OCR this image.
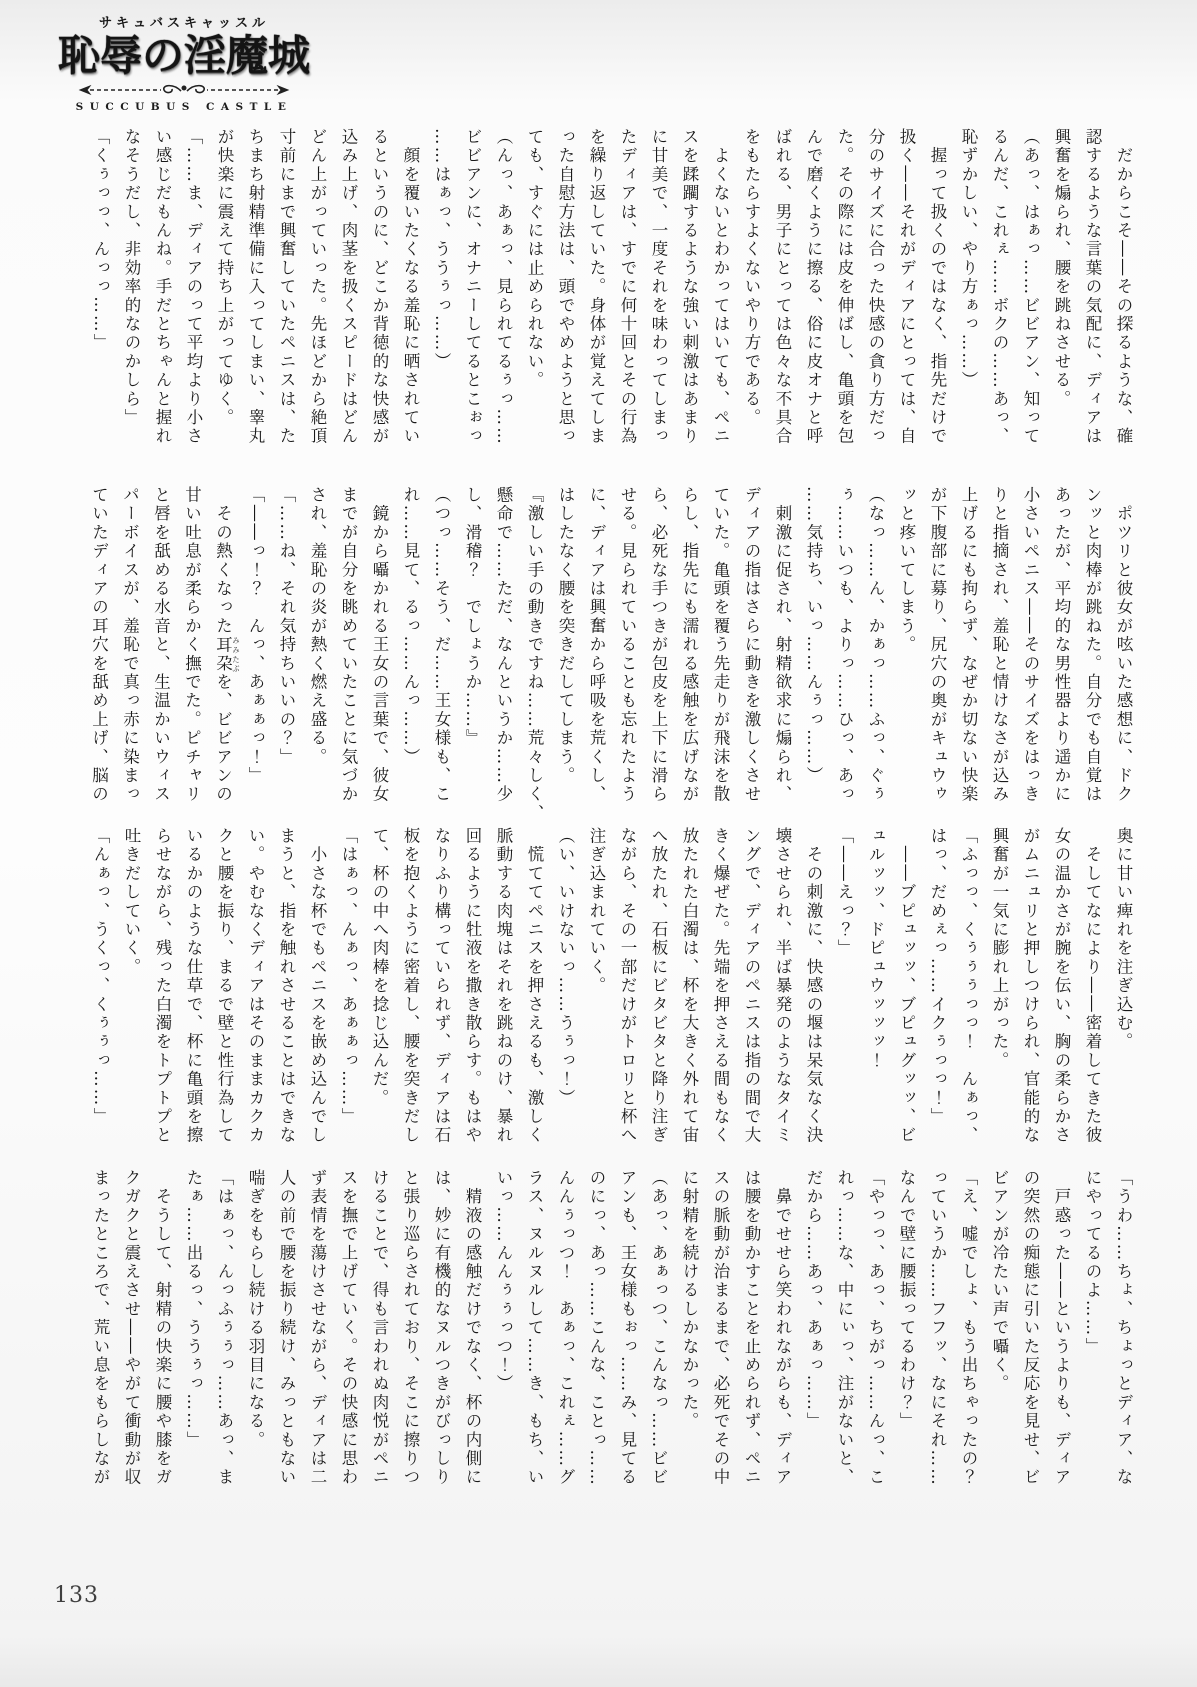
サキュバスキャッスル
恥辱の淫魔城
SUCCUBUS CASTLE

　だからこそ――その探るような、確

認するような言葉の気配に、ディアは

興奮を煽られ、腰を跳ねさせる。

（あっ、はぁっ……ビビアン、知って

るんだ、これぇ……ボクの……あっ、

恥ずかしい、やり方ぁっ……）

　握って扱くのではなく、指先だけで

扱く――それがディアにとっては、自

分のサイズに合った快感の貪り方だっ

た。その際には皮を伸ばし、亀頭を包

んで磨くように擦る、俗に皮オナと呼

ばれる、男子にとっては色々な不具合

をもたらすよくないやり方である。

　よくないとわかってはいても、ペニ

スを蹂躙するような強い刺激はあまり

に甘美で、一度それを味わってしまっ

たディアは、すでに何十回とその行為

を繰り返していた。身体が覚えてしま

った自慰方法は、頭でやめようと思っ

ても、すぐには止められない。

（んっ、あぁっ、見られてるぅっ……

ビビアンに、オナニーしてるとこぉっ

……はぁっ、ううぅっ……）

　顔を覆いたくなる羞恥に晒されてい

るというのに、どこか背徳的な快感が

込み上げ、肉茎を扱くスピードはどん

どん上がっていった。先ほどから絶頂

寸前にまで興奮していたペニスは、た

ちまち射精準備に入ってしまい、睾丸

が快楽に震えて持ち上がってゆく。

「……ま、ディアのって平均より小さ

い感じだもんね。手だとちゃんと握れ

なそうだし、非効率的なのかしら」

「くぅっっ、んっっ……」

　ポツリと彼女が呟いた感想に、ドク

ンッと肉棒が跳ねた。自分でも自覚は

あったが、平均的な男性器より遥かに

小さいペニス――そのサイズをはっき

りと指摘され、羞恥と情けなさが込み

上げるにも拘らず、なぜか切ない快楽

が下腹部に募り、尻穴の奥がキュウゥ

ッと疼いてしまう。

（なっ……ん、かぁっ……ふっ、ぐぅ

ぅ……いつも、よりっ……ひっ、あっ

……気持ち、いっ……んぅっ……）

　刺激に促され、射精欲求に煽られ、

ディアの指はさらに動きを激しくさせ

ていた。亀頭を覆う先走りが飛沫を散

らし、指先にも濡れる感触を広げなが

ら、必死な手つきが包皮を上下に滑ら

せる。見られていることも忘れたよう

に、ディアは興奮から呼吸を荒くし、

はしたなく腰を突きだしてしまう。

『激しい手の動きですね……荒々しく、

懸命で……ただ、なんというか……少

し、滑稽？　でしょうか……』

（つっ……そう、だ……王女様も、こ

れ……見て、るっ……んっ……）

　鏡から囁かれる王女の言葉で、彼女

までが自分を眺めていたことに気づか

され、羞恥の炎が熱く燃え盛る。

「……ね、それ気持ちいいの？」

「――っ！？　んっ、あぁぁっ！」

　その熱くなった耳朶 みみたぶを、ビビアンの

甘い吐息が柔らかく撫でた。ピチャリ

と唇を舐める水音と、生温かいウィス

パーボイスが、羞恥で真っ赤に染まっ

ていたディアの耳穴を舐め上げ、脳の

奥に甘い痺れを注ぎ込む。

　そしてなにより――密着してきた彼

女の温かさが腕を伝い、胸の柔らかさ

がムニュリと押しつけられ、官能的な

興奮が一気に膨れ上がった。

「ふっっ、くぅぅぅっっ！　んぁっ、

はっ、だめぇっ……イクぅっっ！」

　――ブピュッッ、ブピュグッッ、ビ

ュルッッ、ドピュウッッッ！

「――えっ？」

　その刺激に、快感の堰は呆気なく決

壊させられ、半ば暴発のようなタイミ

ングで、ディアのペニスは指の間で大

きく爆ぜた。先端を押さえる間もなく

放たれた白濁は、杯を大きく外れて宙

へ放たれ、石板にビタビタと降り注ぎ

ながら、その一部だけがトロリと杯へ

注ぎ込まれていく。

（い、いけないっ……うぅっ！）

　慌ててペニスを押さえるも、激しく

脈動する肉塊はそれを跳ねのけ、暴れ

回るように牡液を撒き散らす。もはや

なりふり構っていられず、ディアは石

板を抱くように密着し、腰を突きだし

て、杯の中へ肉棒を捻じ込んだ。

「はぁっ、んぁっ、あぁぁっ……」

　小さな杯でもペニスを嵌め込んでし

まうと、指を触れさせることはできな

い。やむなくディアはそのままカクカ

クと腰を振り、まるで壁と性行為して

いるかのような仕草で、杯に亀頭を擦

らせながら、残った白濁をトプトプと

吐きだしていく。

「んぁっ、うくっ、くぅぅっ……」

「うわ……ちょ、ちょっとディア、な

にやってるのよ……」

　戸惑った――というよりも、ディア

の突然の痴態に引いた反応を見せ、ビ

ビアンが冷たい声で囁く。

「え、嘘でしょ、もう出ちゃったの？

っていうか……フフッ、なにそれ……

なんで壁に腰振ってるわけ？」

「やっっ、あっ、ちがっ……んっ、こ

れっ……な、中にぃっ、注がないと、

だから……あっ、あぁっ……」

　鼻でせせら笑われながらも、ディア

は腰を動かすことを止められず、ペニ

スの脈動が治まるまで、必死でその中

に射精を続けるしかなかった。

（あっ、あぁっつ、こんなっ……ビビ

アンも、王女様もぉっ……み、見てる

のにっ、あっ……こんな、ことっ……

んんぅっつ！　あぁっ、これぇ……グ

ラス、ヌルヌルして……き、もち、い

いっ……んんぅぅっつ！）

　精液の感触だけでなく、杯の内側に

は、妙に有機的なヌルつきがびっしり

と張り巡らされており、そこに擦りつ

けることで、得も言われぬ肉悦がペニ

スを撫で上げていく。その快感に思わ

ず表情を蕩けさせながら、ディアは二

人の前で腰を振り続け、みっともない

喘ぎをもらし続ける羽目になる。

「はぁっ、んっふぅぅっ……あっ、ま

たぁ……出るっ、ううぅっ……」

　そうして、射精の快楽に腰や膝をガ

クガクと震えさせ――やがて衝動が収

まったところで、荒い息をもらしなが

133
